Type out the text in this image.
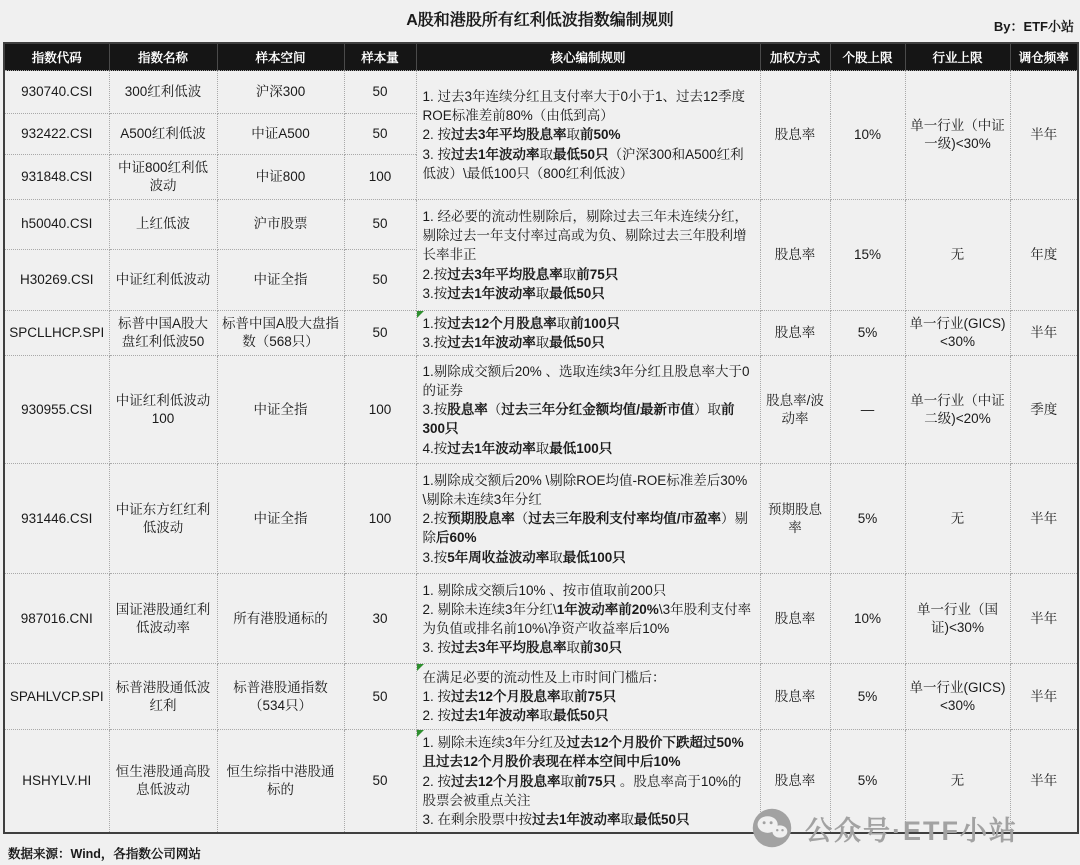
A股和港股所有红利低波指数编制规则	By：ETF小站
指数代码	指数名称	样本空间	样本量	核心编制规则	加权方式	个股上限	行业上限	调仓频率
930740.CSI	300红利低波	沪深300	50	1. 过去3年连续分红且支付率大于0小于1、过去12季度ROE标准差前80%（由低到高）
2. 按过去3年平均股息率取前50%
3. 按过去1年波动率取最低50只（沪深300和A500红利低波）\最低100只（800红利低波）	股息率	10%	单一行业（中证一级)<30%	半年
932422.CSI	A500红利低波	中证A500	50					
931848.CSI	中证800红利低波动	中证800	100					
h50040.CSI	上红低波	沪市股票	50	1. 经必要的流动性剔除后，剔除过去三年未连续分红，剔除过去一年支付率过高或为负、剔除过去三年股利增长率非正
2.按过去3年平均股息率取前75只
3.按过去1年波动率取最低50只	股息率	15%	无	年度
H30269.CSI	中证红利低波动	中证全指	50					
SPCLLHCP.SPI	标普中国A股大盘红利低波50	标普中国A股大盘指数（568只）	50	1.按过去12个月股息率取前100只
3.按过去1年波动率取最低50只	股息率	5%	单一行业(GICS)<30%	半年
930955.CSI	中证红利低波动100	中证全指	100	1.剔除成交额后20% 、选取连续3年分红且股息率大于0的证券
3.按股息率（过去三年分红金额均值/最新市值）取前300只
4.按过去1年波动率取最低100只	股息率/波动率	—	单一行业（中证二级)<20%	季度
931446.CSI	中证东方红红利低波动	中证全指	100	1.剔除成交额后20% \剔除ROE均值-ROE标准差后30% \剔除未连续3年分红
2.按预期股息率（过去三年股利支付率均值/市盈率）剔除后60%
3.按5年周收益波动率取最低100只	预期股息率	5%	无	半年
987016.CNI	国证港股通红利低波动率	所有港股通标的	30	1. 剔除成交额后10% 、按市值取前200只
2. 剔除未连续3年分红\1年波动率前20%\3年股利支付率为负值或排名前10%\净资产收益率后10%
3. 按过去3年平均股息率取前30只	股息率	10%	单一行业（国证)<30%	半年
SPAHLVCP.SPI	标普港股通低波红利	标普港股通指数（534只）	50	在满足必要的流动性及上市时间门槛后：
1. 按过去12个月股息率取前75只
2. 按过去1年波动率取最低50只	股息率	5%	单一行业(GICS)<30%	半年
HSHYLV.HI	恒生港股通高股息低波动	恒生综指中港股通标的	50	1. 剔除未连续3年分红及过去12个月股价下跌超过50%且过去12个月股价表现在样本空间中后10%
2. 按过去12个月股息率取前75只 。股息率高于10%的股票会被重点关注
3. 在剩余股票中按过去1年波动率取最低50只	股息率	5%	无	半年
数据来源：Wind，各指数公司网站
公众号·ETF小站
